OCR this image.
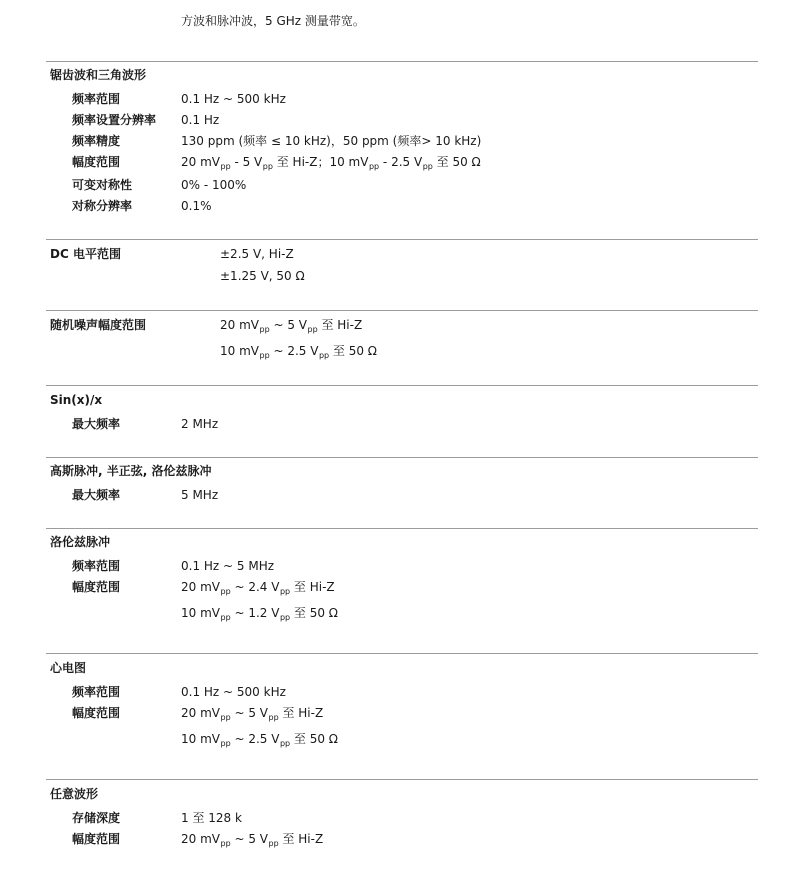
方波和脉冲波，5 GHz 测量带宽。
锯齿波和三角波形
频率范围	0.1 Hz ~ 500 kHz
频率设置分辨率 0.1 Hz
频率精度	130 ppm (频率 ≤ 10 kHz)，50 ppm (频率> 10 kHz)
幅度范围	20 $mV_{pp} - 5$ $V_{pp}$ 至 Hi-Z；10 $mV_{pp} - 2.5$ $V_{pp}$ 至 50 Ω
可变对称性	0% - 100%
对称分辨率	0.1%
DC 电平范围	±2.5 V, Hi-Z
±1.25 V, 50 Ω
随机噪声幅度范围	20 $mV_{pp}$ ~ 5 $V_{pp}$ 至 Hi-Z
10 $mV_{pp}$ ~ 2.5 $V_{pp}$ 至 50 Ω
Sin(x)/x
最大频率	2 MHz
高斯脉冲, 半正弦, 洛伦兹脉冲
最大频率	5 MHz
洛伦兹脉冲
频率范围	0.1 Hz ~ 5 MHz
幅度范围	20 $mV_{pp}$ ~ 2.4 $V_{pp}$ 至 Hi-Z
10 $mV_{pp}$ ~ 1.2 $V_{pp}$ 至 50 Ω
心电图
频率范围	0.1 Hz ~ 500 kHz
幅度范围	20 $mV_{pp}$ ~ 5 $V_{pp}$ 至 Hi-Z
10 $mV_{pp}$ ~ 2.5 $V_{pp}$ 至 50 Ω
任意波形
存储深度	1 至 128 k
幅度范围	20 $mV_{pp}$ ~ 5 $V_{pp}$ 至 Hi-Z
